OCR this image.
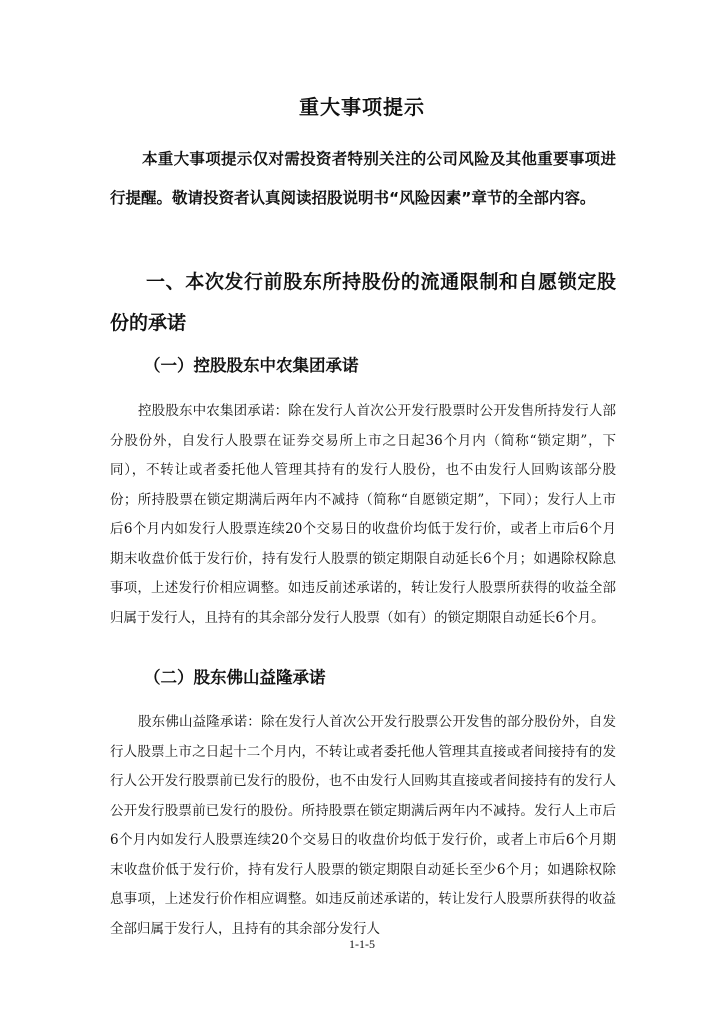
重大事项提示
本重大事项提示仅对需投资者特别关注的公司风险及其他重要事项进行提醒。敬请投资者认真阅读招股说明书“风险因素”章节的全部内容。
一、本次发行前股东所持股份的流通限制和自愿锁定股份的承诺
（一）控股股东中农集团承诺
控股股东中农集团承诺：除在发行人首次公开发行股票时公开发售所持发行人部分股份外，自发行人股票在证券交易所上市之日起36个月内（简称“锁定期”，下同），不转让或者委托他人管理其持有的发行人股份，也不由发行人回购该部分股份；所持股票在锁定期满后两年内不减持（简称“自愿锁定期”，下同）；发行人上市后6个月内如发行人股票连续20个交易日的收盘价均低于发行价，或者上市后6个月期末收盘价低于发行价，持有发行人股票的锁定期限自动延长6个月；如遇除权除息事项，上述发行价相应调整。如违反前述承诺的，转让发行人股票所获得的收益全部归属于发行人，且持有的其余部分发行人股票（如有）的锁定期限自动延长6个月。
（二）股东佛山益隆承诺
股东佛山益隆承诺：除在发行人首次公开发行股票公开发售的部分股份外，自发行人股票上市之日起十二个月内，不转让或者委托他人管理其直接或者间接持有的发行人公开发行股票前已发行的股份，也不由发行人回购其直接或者间接持有的发行人公开发行股票前已发行的股份。所持股票在锁定期满后两年内不减持。发行人上市后6个月内如发行人股票连续20个交易日的收盘价均低于发行价，或者上市后6个月期末收盘价低于发行价，持有发行人股票的锁定期限自动延长至少6个月；如遇除权除息事项，上述发行价作相应调整。如违反前述承诺的，转让发行人股票所获得的收益全部归属于发行人，且持有的其余部分发行人
1-1-5
